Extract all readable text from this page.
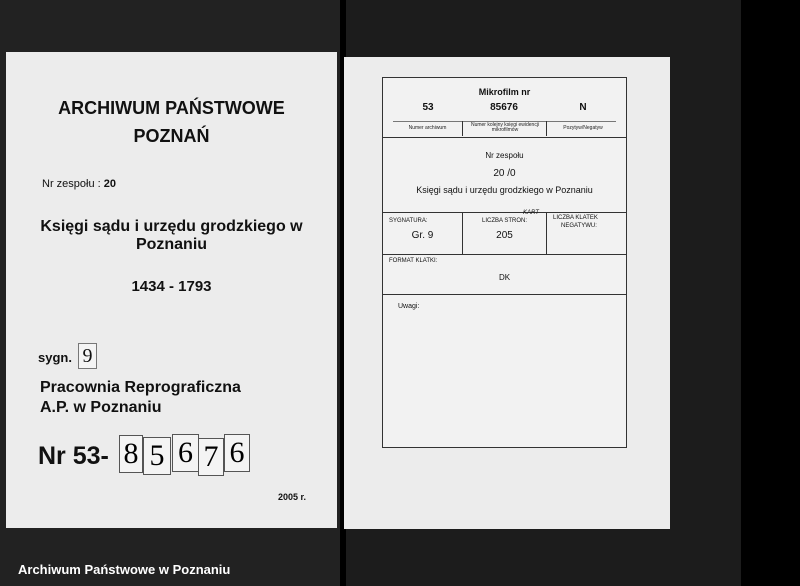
ARCHIWUM PAŃSTWOWE
POZNAŃ
Nr zespołu : 20
Księgi sądu i urzędu grodzkiego w
Poznaniu
1434 - 1793
sygn. 9
Pracownia Reprograficzna
A.P. w Poznaniu
Nr 53- 8 5 6 7 6
2005 r.
Mikrofilm nr
53	85676	N
Numer archiwum	Numer kolejny księgi ewidencji mikrofilmów	Pozytyw/Negatyw
Nr zespołu
20 /0
Księgi sądu i urzędu grodzkiego w Poznaniu
SYGNATURA:
Gr. 9
KART
LICZBA STRON:
205
LICZBA KLATEK
NEGATYWU:
FORMAT KLATKI:
DK
Uwagi:
Archiwum Państwowe w Poznaniu
